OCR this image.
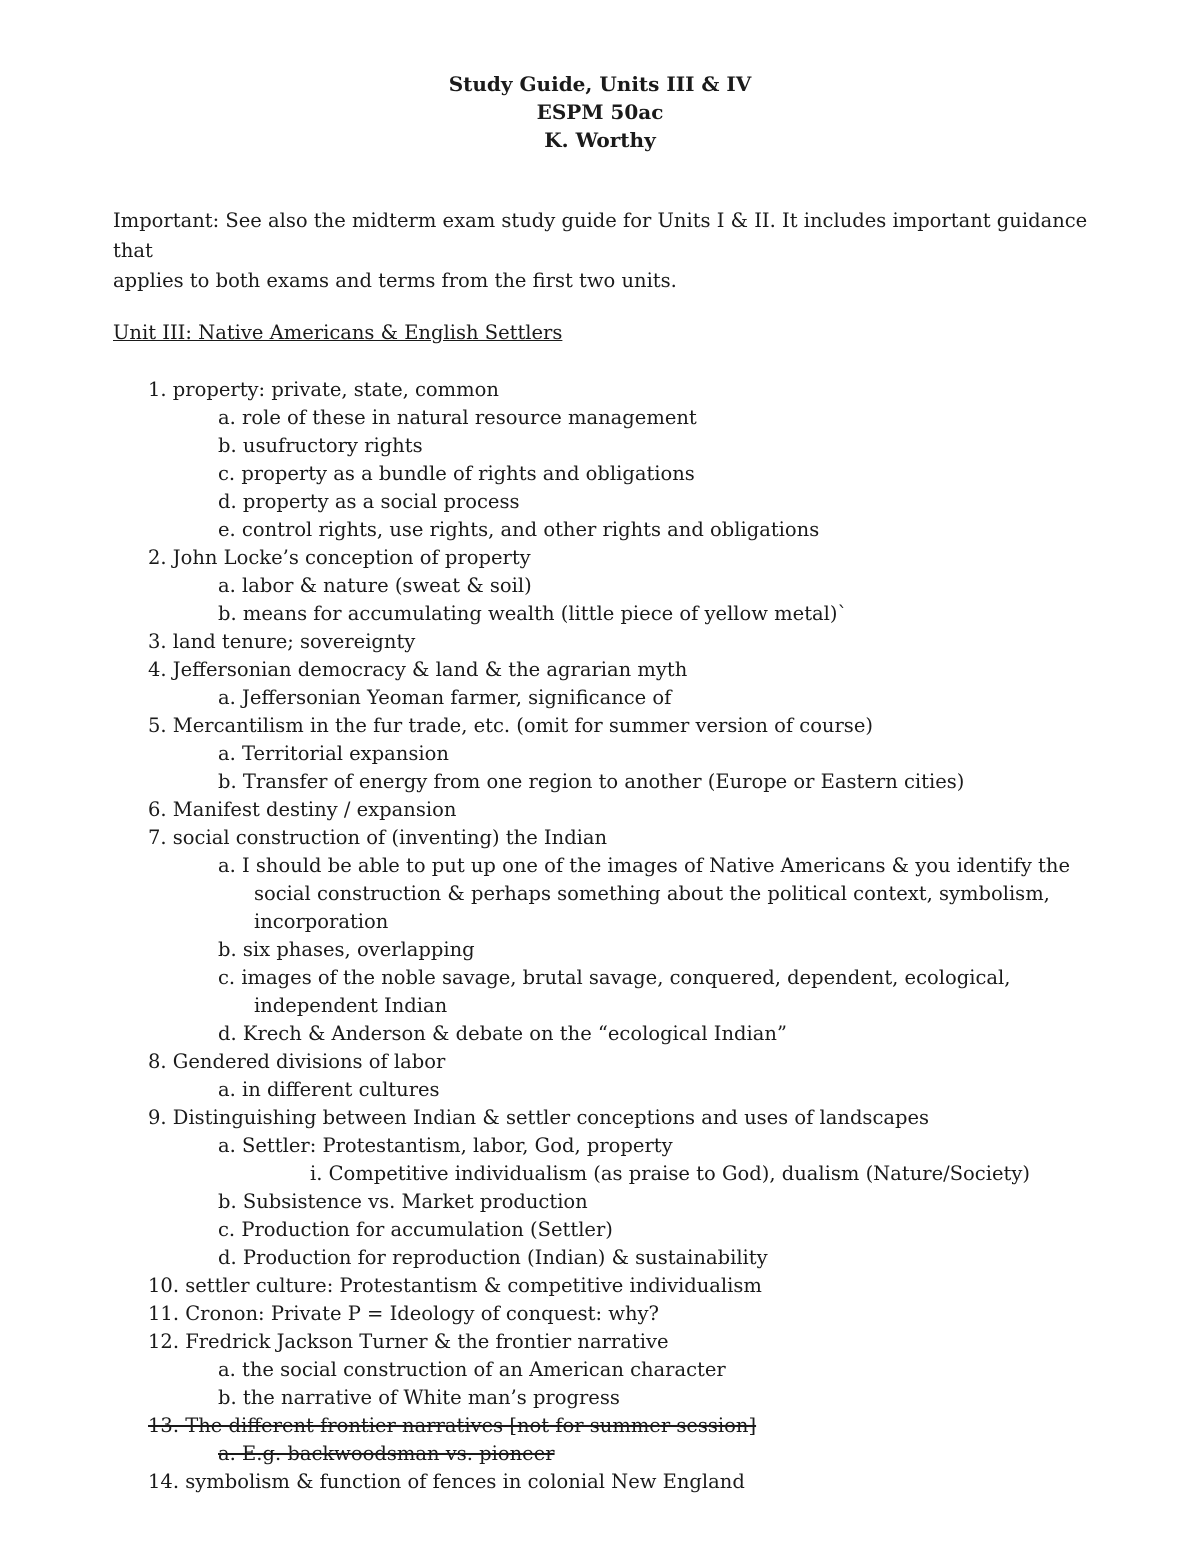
Study Guide, Units III & IV
ESPM 50ac
K. Worthy
Important: See also the midterm exam study guide for Units I & II. It includes important guidance that
applies to both exams and terms from the first two units.
Unit III: Native Americans & English Settlers
1. property: private, state, common
a. role of these in natural resource management
b. usufructory rights
c. property as a bundle of rights and obligations
d. property as a social process
e. control rights, use rights, and other rights and obligations
2. John Locke’s conception of property
a. labor & nature (sweat & soil)
b. means for accumulating wealth (little piece of yellow metal)`
3. land tenure; sovereignty
4. Jeffersonian democracy & land & the agrarian myth
a. Jeffersonian Yeoman farmer, significance of
5. Mercantilism in the fur trade, etc. (omit for summer version of course)
a. Territorial expansion
b. Transfer of energy from one region to another (Europe or Eastern cities)
6. Manifest destiny / expansion
7. social construction of (inventing) the Indian
a. I should be able to put up one of the images of Native Americans & you identify the
social construction & perhaps something about the political context, symbolism,
incorporation
b. six phases, overlapping
c. images of the noble savage, brutal savage, conquered, dependent, ecological,
independent Indian
d. Krech & Anderson & debate on the “ecological Indian”
8. Gendered divisions of labor
a. in different cultures
9. Distinguishing between Indian & settler conceptions and uses of landscapes
a. Settler: Protestantism, labor, God, property
i. Competitive individualism (as praise to God), dualism (Nature/Society)
b. Subsistence vs. Market production
c. Production for accumulation (Settler)
d. Production for reproduction (Indian) & sustainability
10. settler culture: Protestantism & competitive individualism
11. Cronon: Private P = Ideology of conquest: why?
12. Fredrick Jackson Turner & the frontier narrative
a. the social construction of an American character
b. the narrative of White man’s progress
13. The different frontier narratives [not for summer session]
a. E.g. backwoodsman vs. pioneer
14. symbolism & function of fences in colonial New England
